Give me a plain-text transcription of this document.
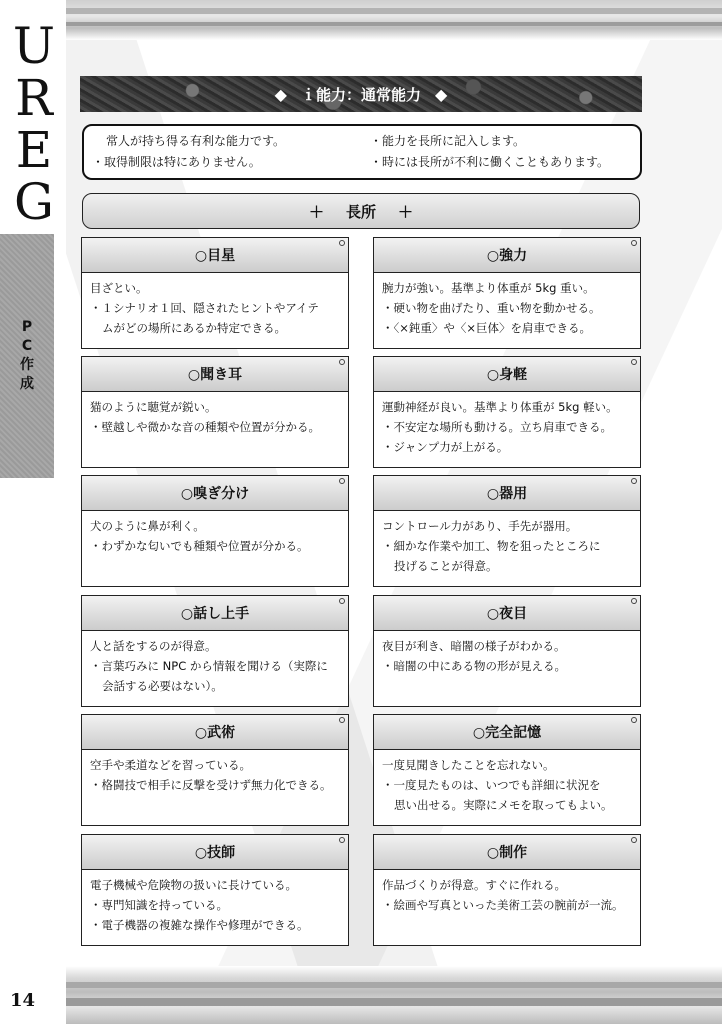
U
R
E
G
P
C
作
成
◆ ｉ能力：通常能力 ◆
常人が持ち得る有利な能力です。
・取得制限は特にありません。
・能力を長所に記入します。
・時には長所が不利に働くこともあります。
＋ 長所 ＋
○目星
目ざとい。
・１シナリオ１回、隠されたヒントやアイテ
ムがどの場所にあるか特定できる。
○強力
腕力が強い。基準より体重が 5kg 重い。
・硬い物を曲げたり、重い物を動かせる。
・〈×鈍重〉や〈×巨体〉を肩車できる。
○聞き耳
猫のように聴覚が鋭い。
・壁越しや微かな音の種類や位置が分かる。
○身軽
運動神経が良い。基準より体重が 5kg 軽い。
・不安定な場所も動ける。立ち肩車できる。
・ジャンプ力が上がる。
○嗅ぎ分け
犬のように鼻が利く。
・わずかな匂いでも種類や位置が分かる。
○器用
コントロール力があり、手先が器用。
・細かな作業や加工、物を狙ったところに
投げることが得意。
○話し上手
人と話をするのが得意。
・言葉巧みに NPC から情報を聞ける（実際に
会話する必要はない）。
○夜目
夜目が利き、暗闇の様子がわかる。
・暗闇の中にある物の形が見える。
○武術
空手や柔道などを習っている。
・格闘技で相手に反撃を受けず無力化できる。
○完全記憶
一度見聞きしたことを忘れない。
・一度見たものは、いつでも詳細に状況を
思い出せる。実際にメモを取ってもよい。
○技師
電子機械や危険物の扱いに長けている。
・専門知識を持っている。
・電子機器の複雑な操作や修理ができる。
○制作
作品づくりが得意。すぐに作れる。
・絵画や写真といった美術工芸の腕前が一流。
14
